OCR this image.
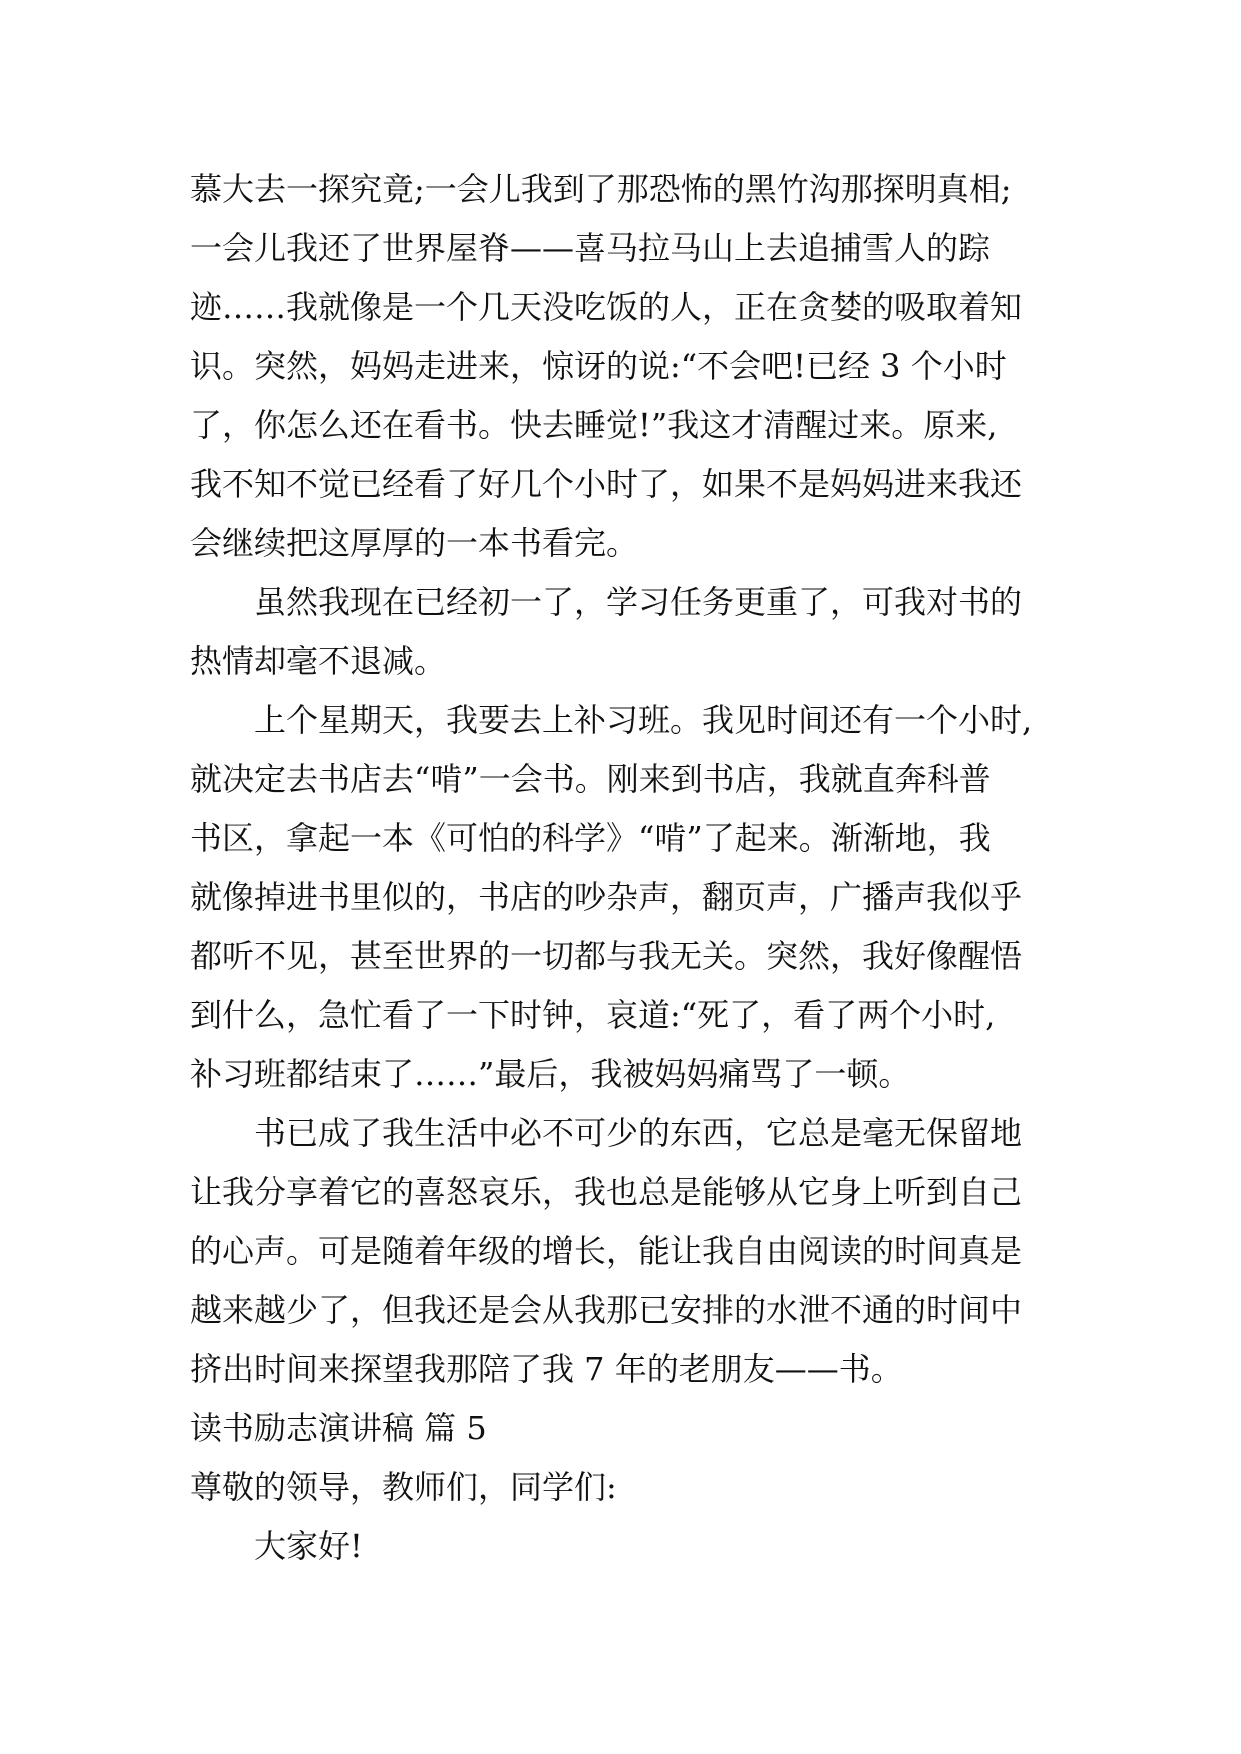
慕大去一探究竟;一会儿我到了那恐怖的黑竹沟那探明真相;
一会儿我还了世界屋脊——喜马拉马山上去追捕雪人的踪
迹……我就像是一个几天没吃饭的人，正在贪婪的吸取着知
识。突然，妈妈走进来，惊讶的说:“不会吧!已经 3 个小时
了，你怎么还在看书。快去睡觉!”我这才清醒过来。原来,
我不知不觉已经看了好几个小时了，如果不是妈妈进来我还
会继续把这厚厚的一本书看完。
虽然我现在已经初一了，学习任务更重了，可我对书的
热情却毫不退减。
上个星期天，我要去上补习班。我见时间还有一个小时,
就决定去书店去“啃”一会书。刚来到书店，我就直奔科普
书区，拿起一本《可怕的科学》“啃”了起来。渐渐地，我
就像掉进书里似的，书店的吵杂声，翻页声，广播声我似乎
都听不见，甚至世界的一切都与我无关。突然，我好像醒悟
到什么，急忙看了一下时钟，哀道:“死了，看了两个小时,
补习班都结束了……”最后，我被妈妈痛骂了一顿。
书已成了我生活中必不可少的东西，它总是毫无保留地
让我分享着它的喜怒哀乐，我也总是能够从它身上听到自己
的心声。可是随着年级的增长，能让我自由阅读的时间真是
越来越少了，但我还是会从我那已安排的水泄不通的时间中
挤出时间来探望我那陪了我 7 年的老朋友——书。
读书励志演讲稿 篇 5
尊敬的领导，教师们，同学们:
大家好!
